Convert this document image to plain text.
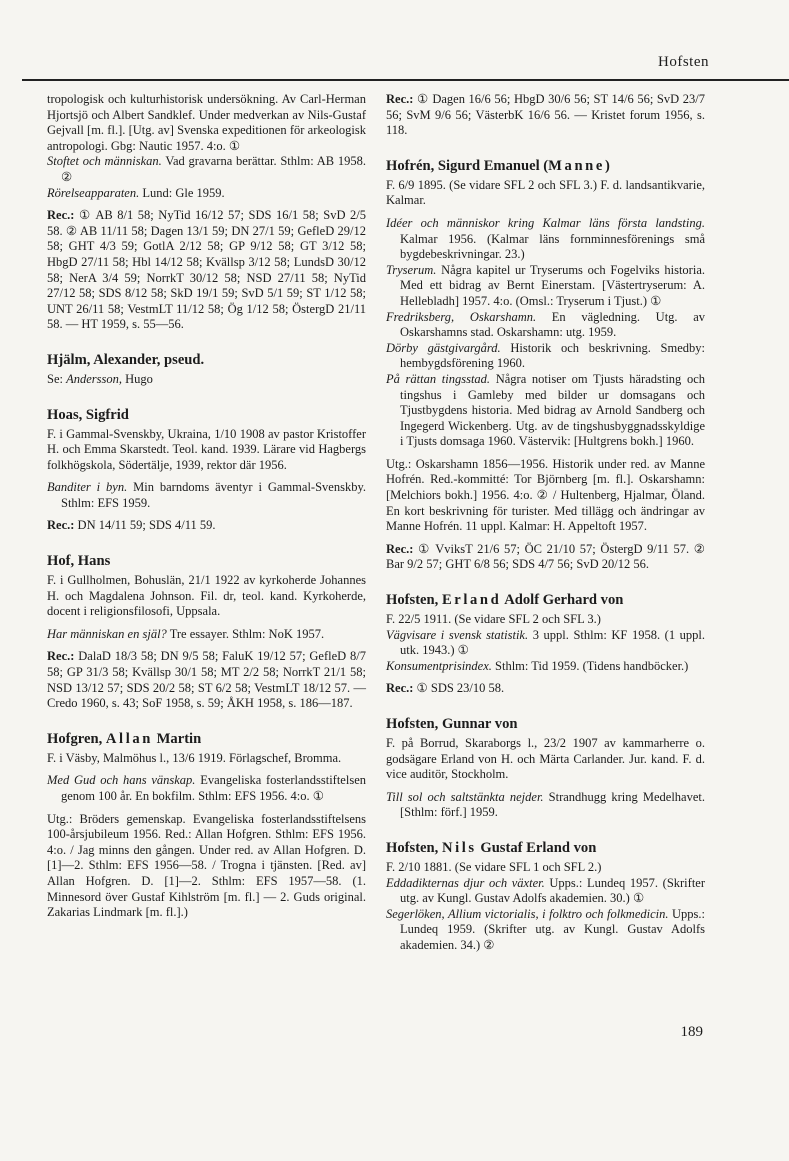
Hofsten

tropologisk och kulturhistorisk undersökning. Av Carl-Herman Hjortsjö och Albert Sandklef. Under medverkan av Nils-Gustaf Gejvall [m. fl.]. [Utg. av] Svenska expeditionen för arkeologisk antropologi. Gbg: Nautic 1957. 4:o. ①

Stoftet och människan. Vad gravarna berättar. Sthlm: AB 1958. ②

Rörelseapparaten. Lund: Gle 1959.

Rec.: ① AB 8/1 58; NyTid 16/12 57; SDS 16/1 58; SvD 2/5 58. ② AB 11/11 58; Dagen 13/1 59; DN 27/1 59; GefleD 29/12 58; GHT 4/3 59; GotlA 2/12 58; GP 9/12 58; GT 3/12 58; HbgD 27/11 58; Hbl 14/12 58; Kvällsp 3/12 58; LundsD 30/12 58; NerA 3/4 59; NorrkT 30/12 58; NSD 27/11 58; NyTid 27/12 58; SDS 8/12 58; SkD 19/1 59; SvD 5/1 59; ST 1/12 58; UNT 26/11 58; VestmLT 11/12 58; Ög 1/12 58; ÖstergD 21/11 58. — HT 1959, s. 55—56.

Hjälm, Alexander, pseud.

Se: Andersson, Hugo

Hoas, Sigfrid

F. i Gammal-Svenskby, Ukraina, 1/10 1908 av pastor Kristoffer H. och Emma Skarstedt. Teol. kand. 1939. Lärare vid Hagbergs folkhögskola, Södertälje, 1939, rektor där 1956.

Banditer i byn. Min barndoms äventyr i Gammal-Svenskby. Sthlm: EFS 1959.

Rec.: DN 14/11 59; SDS 4/11 59.

Hof, Hans

F. i Gullholmen, Bohuslän, 21/1 1922 av kyrkoherde Johannes H. och Magdalena Johnson. Fil. dr, teol. kand. Kyrkoherde, docent i religionsfilosofi, Uppsala.

Har människan en själ? Tre essayer. Sthlm: NoK 1957.

Rec.: DalaD 18/3 58; DN 9/5 58; FaluK 19/12 57; GefleD 8/7 58; GP 31/3 58; Kvällsp 30/1 58; MT 2/2 58; NorrkT 21/1 58; NSD 13/12 57; SDS 20/2 58; ST 6/2 58; VestmLT 18/12 57. — Credo 1960, s. 43; SoF 1958, s. 59; ÅKH 1958, s. 186—187.

Hofgren, Allan Martin

F. i Väsby, Malmöhus l., 13/6 1919. Förlagschef, Bromma.

Med Gud och hans vänskap. Evangeliska fosterlandsstiftelsen genom 100 år. En bokfilm. Sthlm: EFS 1956. 4:o. ①

Utg.: Bröders gemenskap. Evangeliska fosterlandsstiftelsens 100-årsjubileum 1956. Red.: Allan Hofgren. Sthlm: EFS 1956. 4:o. / Jag minns den gången. Under red. av Allan Hofgren. D. [1]—2. Sthlm: EFS 1956—58. / Trogna i tjänsten. [Red. av] Allan Hofgren. D. [1]—2. Sthlm: EFS 1957—58. (1. Minnesord över Gustaf Kihlström [m. fl.] — 2. Guds original. Zakarias Lindmark [m. fl.].)

Rec.: ① Dagen 16/6 56; HbgD 30/6 56; ST 14/6 56; SvD 23/7 56; SvM 9/6 56; VästerbK 16/6 56. — Kristet forum 1956, s. 118.

Hofrén, Sigurd Emanuel (Manne)

F. 6/9 1895. (Se vidare SFL 2 och SFL 3.) F. d. landsantikvarie, Kalmar.

Idéer och människor kring Kalmar läns första landsting. Kalmar 1956. (Kalmar läns fornminnesförenings små bygdebeskrivningar. 23.)

Tryserum. Några kapitel ur Tryserums och Fogelviks historia. Med ett bidrag av Bernt Einerstam. [Västertryserum: A. Hellebladh] 1957. 4:o. (Omsl.: Tryserum i Tjust.) ①

Fredriksberg, Oskarshamn. En vägledning. Utg. av Oskarshamns stad. Oskarshamn: utg. 1959.

Dörby gästgivargård. Historik och beskrivning. Smedby: hembygdsförening 1960.

På rättan tingsstad. Några notiser om Tjusts häradsting och tingshus i Gamleby med bilder ur domsagans och Tjustbygdens historia. Med bidrag av Arnold Sandberg och Ingegerd Wickenberg. Utg. av de tingshusbyggnadsskyldige i Tjusts domsaga 1960. Västervik: [Hultgrens bokh.] 1960.

Utg.: Oskarshamn 1856—1956. Historik under red. av Manne Hofrén. Red.-kommitté: Tor Björnberg [m. fl.]. Oskarshamn: [Melchiors bokh.] 1956. 4:o. ② / Hultenberg, Hjalmar, Öland. En kort beskrivning för turister. Med tillägg och ändringar av Manne Hofrén. 11 uppl. Kalmar: H. Appeltoft 1957.

Rec.: ① VviksT 21/6 57; ÖC 21/10 57; ÖstergD 9/11 57. ② Bar 9/2 57; GHT 6/8 56; SDS 4/7 56; SvD 20/12 56.

Hofsten, Erland Adolf Gerhard von

F. 22/5 1911. (Se vidare SFL 2 och SFL 3.)

Vägvisare i svensk statistik. 3 uppl. Sthlm: KF 1958. (1 uppl. utk. 1943.) ①

Konsumentprisindex. Sthlm: Tid 1959. (Tidens handböcker.)

Rec.: ① SDS 23/10 58.

Hofsten, Gunnar von

F. på Borrud, Skaraborgs l., 23/2 1907 av kammarherre o. godsägare Erland von H. och Märta Carlander. Jur. kand. F. d. vice auditör, Stockholm.

Till sol och saltstänkta nejder. Strandhugg kring Medelhavet. [Sthlm: förf.] 1959.

Hofsten, Nils Gustaf Erland von

F. 2/10 1881. (Se vidare SFL 1 och SFL 2.)

Eddadikternas djur och växter. Upps.: Lundeq 1957. (Skrifter utg. av Kungl. Gustav Adolfs akademien. 30.) ①

Segerlöken, Allium victorialis, i folktro och folkmedicin. Upps.: Lundeq 1959. (Skrifter utg. av Kungl. Gustav Adolfs akademien. 34.) ②

189
